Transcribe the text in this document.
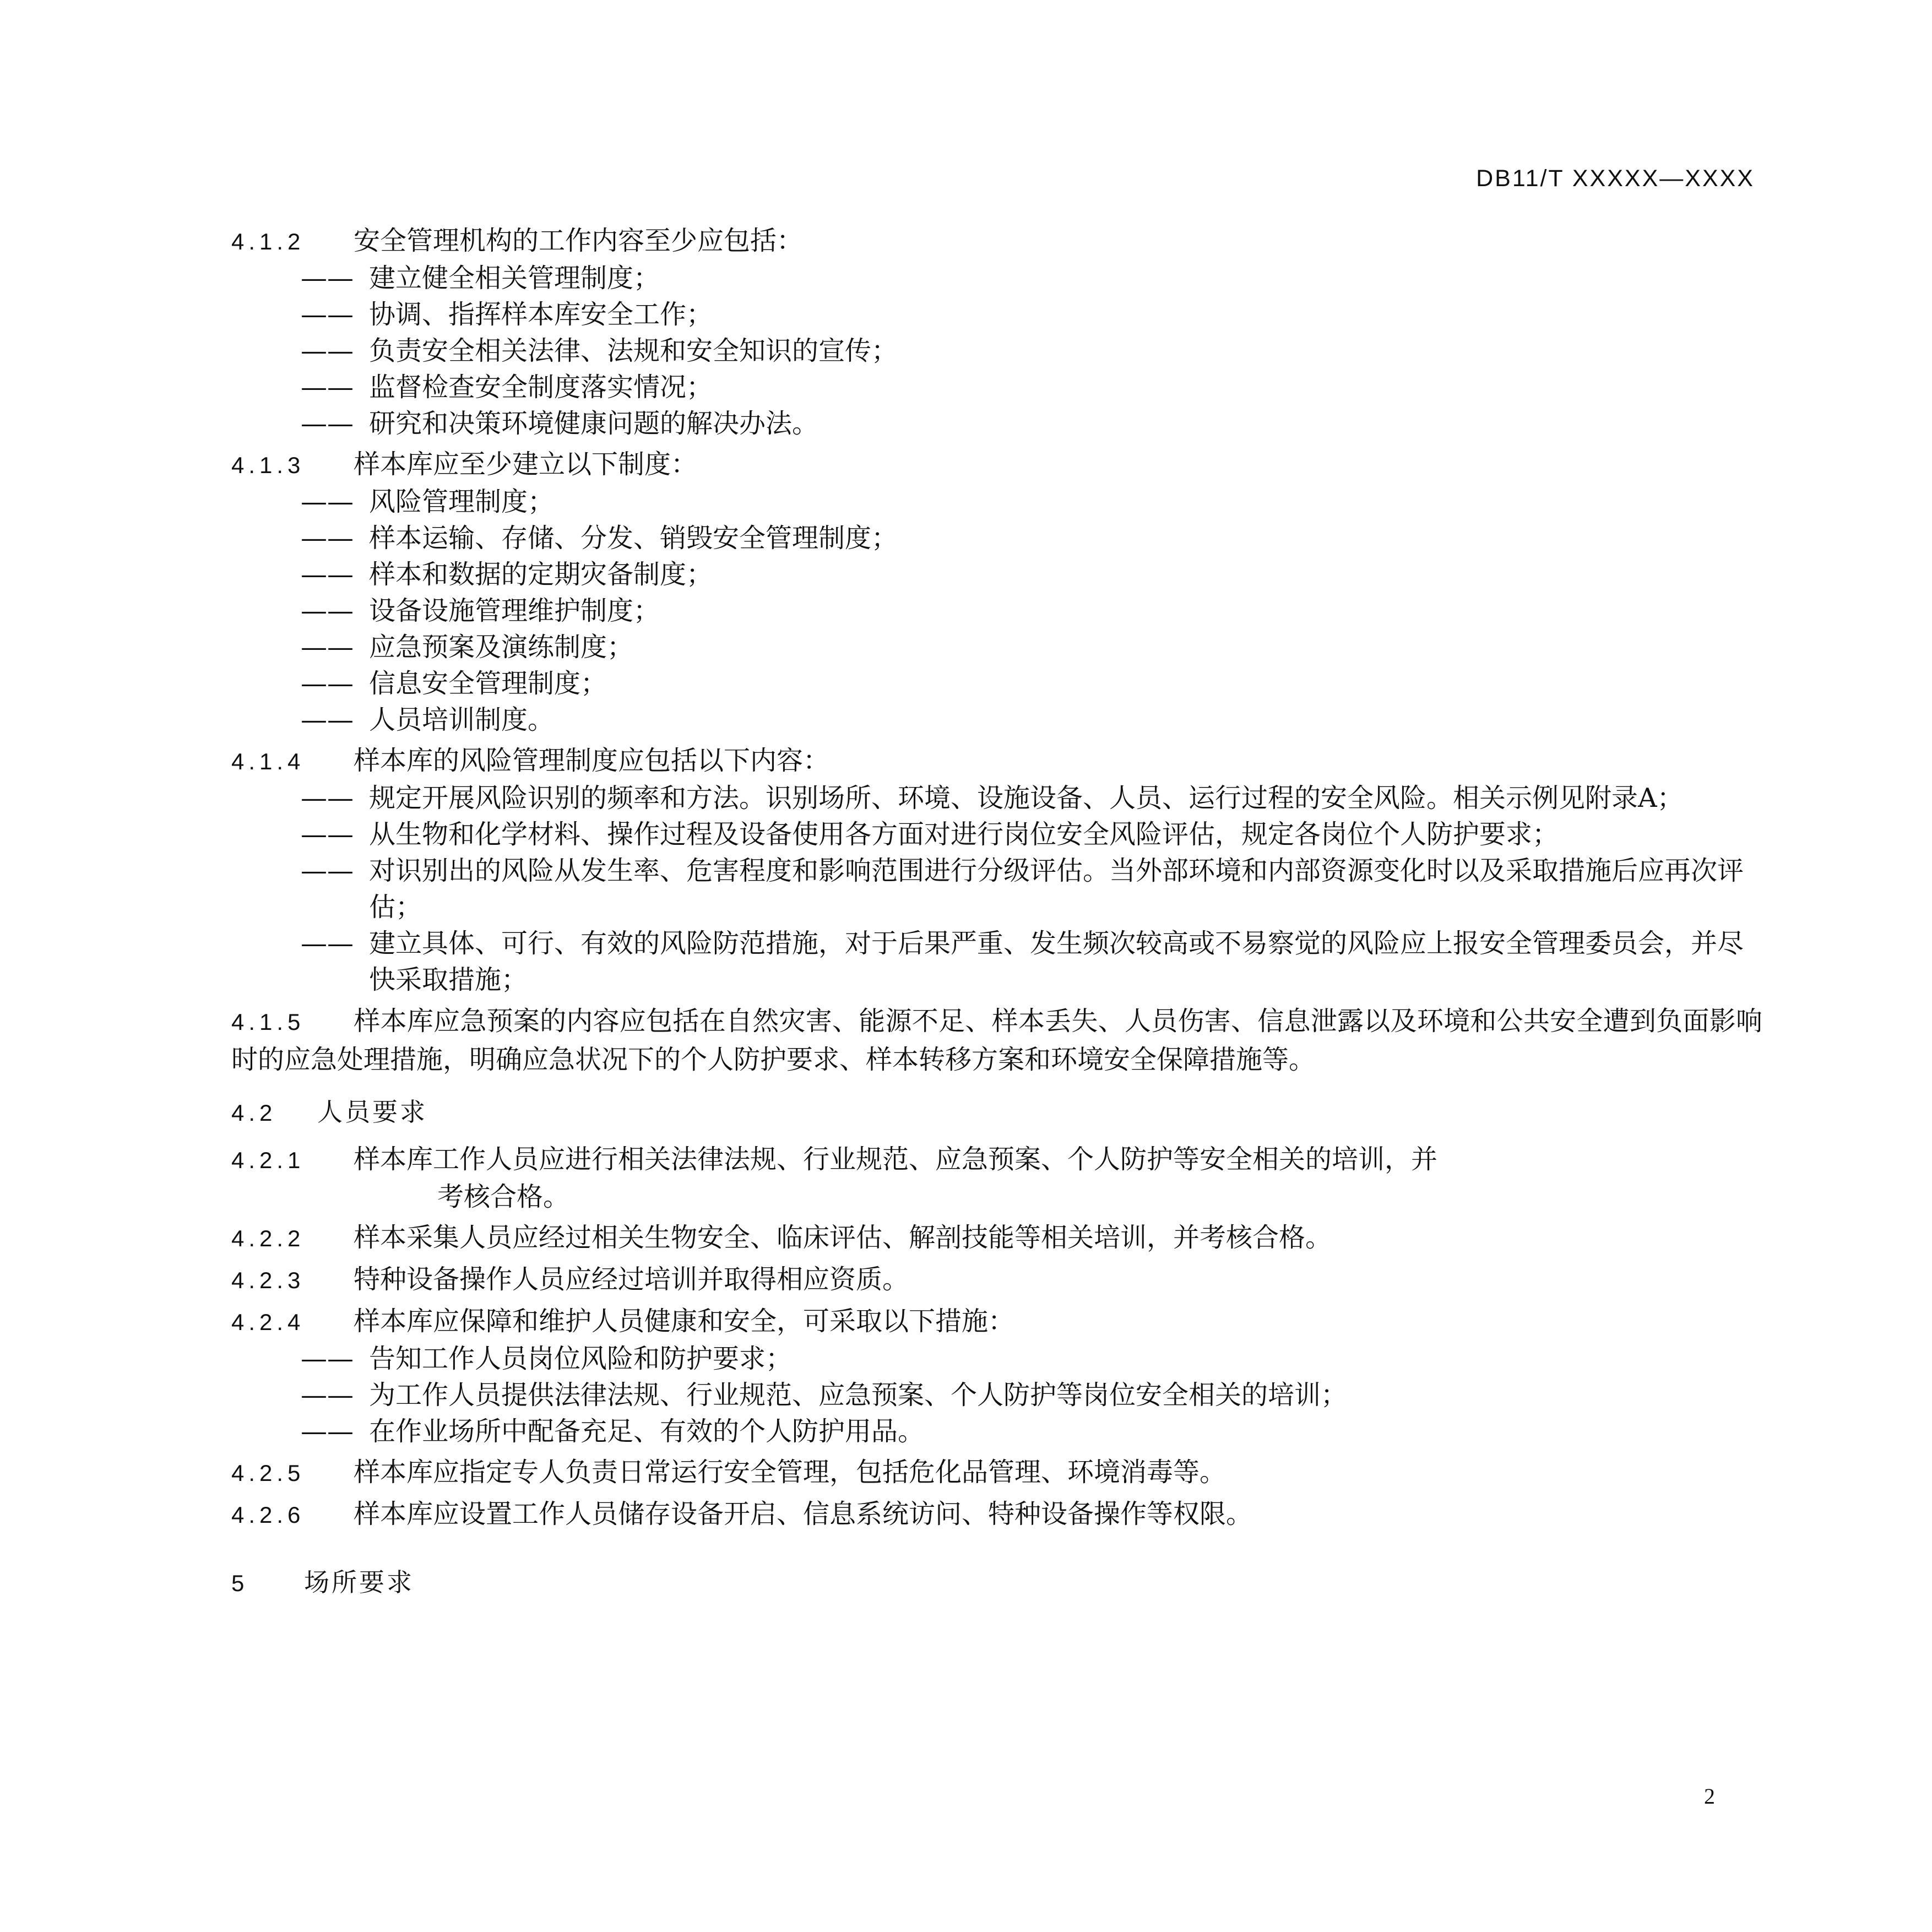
DB11/T XXXXX—XXXX
4.1.2	安全管理机构的工作内容至少应包括：
—— 建立健全相关管理制度；
—— 协调、指挥样本库安全工作；
—— 负责安全相关法律、法规和安全知识的宣传；
—— 监督检查安全制度落实情况；
—— 研究和决策环境健康问题的解决办法。
4.1.3	样本库应至少建立以下制度：
—— 风险管理制度；
—— 样本运输、存储、分发、销毁安全管理制度；
—— 样本和数据的定期灾备制度；
—— 设备设施管理维护制度；
—— 应急预案及演练制度；
—— 信息安全管理制度；
—— 人员培训制度。
4.1.4	样本库的风险管理制度应包括以下内容：
—— 规定开展风险识别的频率和方法。识别场所、环境、设施设备、人员、运行过程的安全风险。相关示例见附录A；
—— 从生物和化学材料、操作过程及设备使用各方面对进行岗位安全风险评估，规定各岗位个人防护要求；
—— 对识别出的风险从发生率、危害程度和影响范围进行分级评估。当外部环境和内部资源变化时以及采取措施后应再次评估；
—— 建立具体、可行、有效的风险防范措施，对于后果严重、发生频次较高或不易察觉的风险应上报安全管理委员会，并尽快采取措施；
4.1.5 样本库应急预案的内容应包括在自然灾害、能源不足、样本丢失、人员伤害、信息泄露以及环境和公共安全遭到负面影响时的应急处理措施，明确应急状况下的个人防护要求、样本转移方案和环境安全保障措施等。
4.2 人员要求
4.2.1	样本库工作人员应进行相关法律法规、行业规范、应急预案、个人防护等安全相关的培训，并
考核合格。
4.2.2	样本采集人员应经过相关生物安全、临床评估、解剖技能等相关培训，并考核合格。
4.2.3	特种设备操作人员应经过培训并取得相应资质。
4.2.4	样本库应保障和维护人员健康和安全，可采取以下措施：
—— 告知工作人员岗位风险和防护要求；
—— 为工作人员提供法律法规、行业规范、应急预案、个人防护等岗位安全相关的培训；
—— 在作业场所中配备充足、有效的个人防护用品。
4.2.5	样本库应指定专人负责日常运行安全管理，包括危化品管理、环境消毒等。
4.2.6	样本库应设置工作人员储存设备开启、信息系统访问、特种设备操作等权限。
5 场所要求
2
